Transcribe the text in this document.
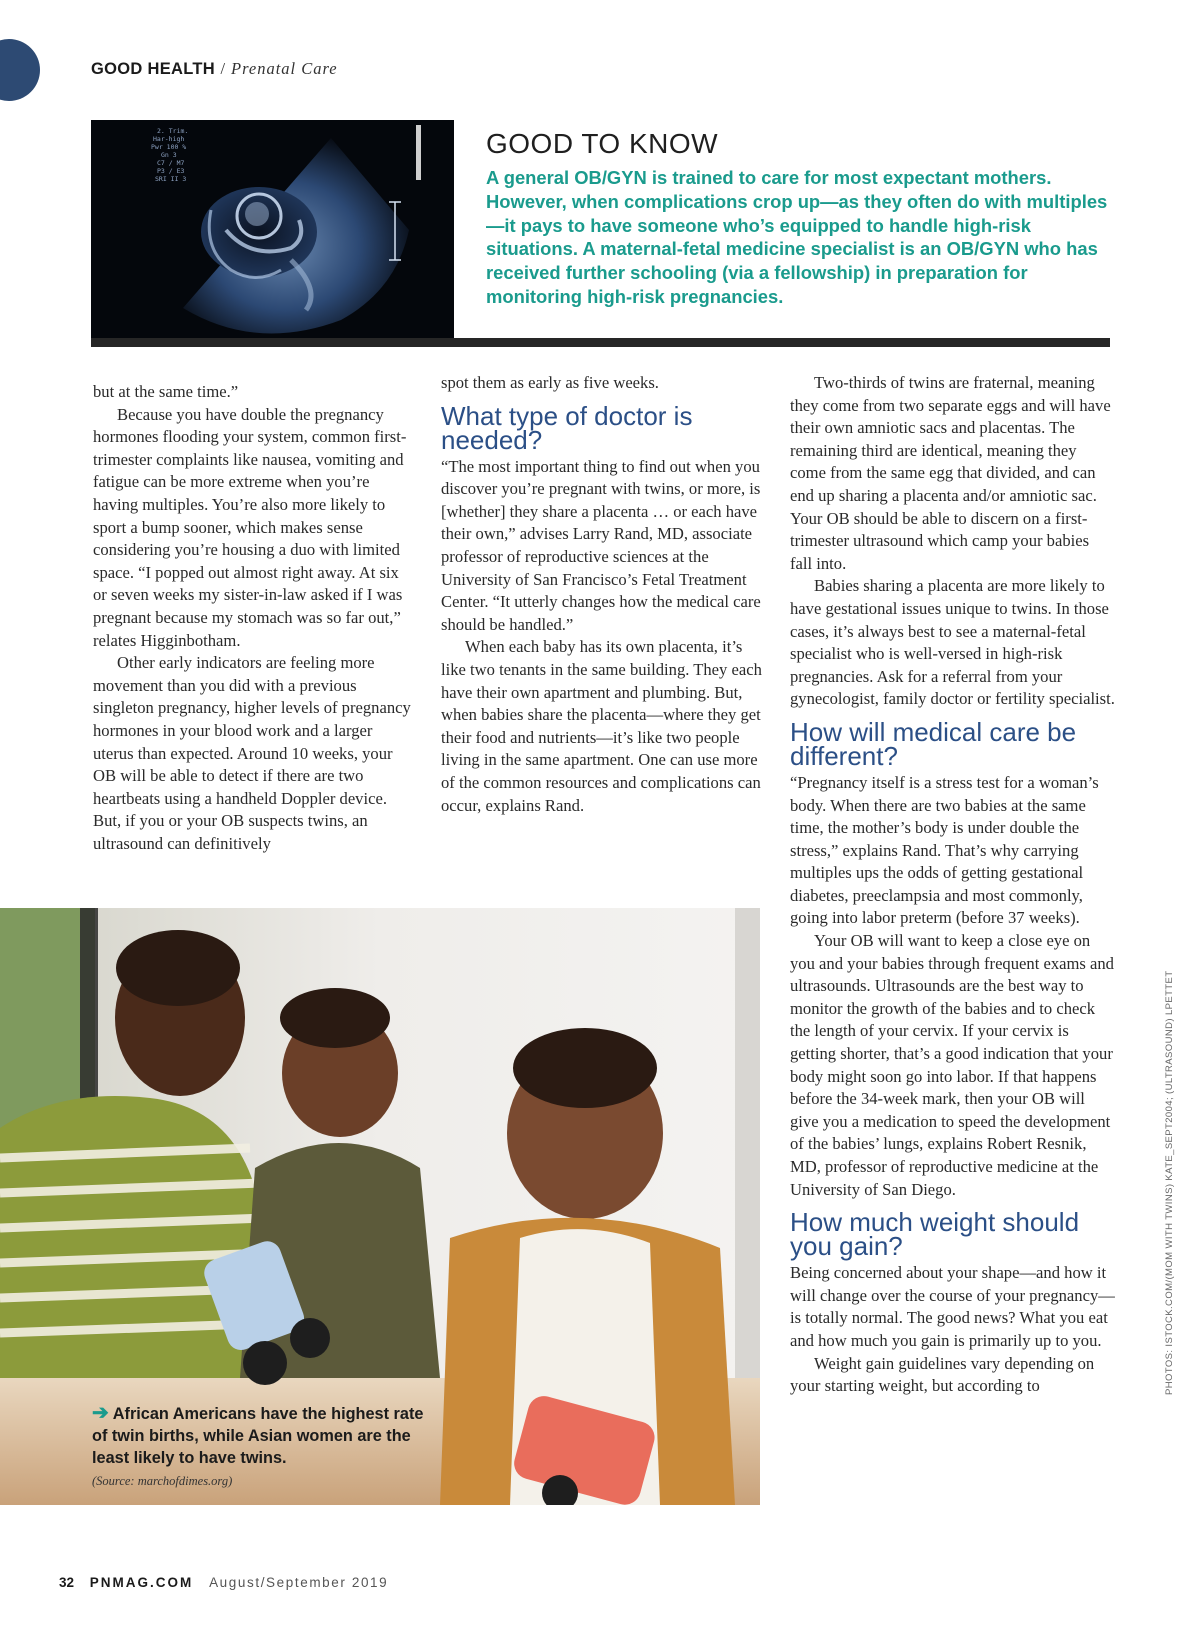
GOOD HEALTH / Prenatal Care
2. Trim.
Har-high
Pwr 100 %
Gn 3
C7 / M7
P3 / E3
SRI II 3
GOOD TO KNOW

A general OB/GYN is trained to care for most expectant mothers. However, when complications crop up—as they often do with multiples—it pays to have someone who’s equipped to handle high-risk situations. A maternal-fetal medicine specialist is an OB/GYN who has received further schooling (via a fellowship) in preparation for monitoring high-risk pregnancies.

but at the same time.”

Because you have double the pregnancy hormones flooding your system, common first-trimester complaints like nausea, vomiting and fatigue can be more extreme when you’re having multiples. You’re also more likely to sport a bump sooner, which makes sense considering you’re housing a duo with limited space. “I popped out almost right away. At six or seven weeks my sister-in-law asked if I was pregnant because my stomach was so far out,” relates Higginbotham.

Other early indicators are feeling more movement than you did with a previous singleton pregnancy, higher levels of pregnancy hormones in your blood work and a larger uterus than expected. Around 10 weeks, your OB will be able to detect if there are two heartbeats using a handheld Doppler device. But, if you or your OB suspects twins, an ultrasound can definitively

spot them as early as five weeks.

What type of doctor is needed?

“The most important thing to find out when you discover you’re pregnant with twins, or more, is [whether] they share a placenta … or each have their own,” advises Larry Rand, MD, associate professor of reproductive sciences at the University of San Francisco’s Fetal Treatment Center. “It utterly changes how the medical care should be handled.”

When each baby has its own placenta, it’s like two tenants in the same building. They each have their own apartment and plumbing. But, when babies share the placenta—where they get their food and nutrients—it’s like two people living in the same apartment. One can use more of the common resources and complications can occur, explains Rand.

Two-thirds of twins are fraternal, meaning they come from two separate eggs and will have their own amniotic sacs and placentas. The remaining third are identical, meaning they come from the same egg that divided, and can end up sharing a placenta and/or amniotic sac. Your OB should be able to discern on a first-trimester ultrasound which camp your babies fall into.

Babies sharing a placenta are more likely to have gestational issues unique to twins. In those cases, it’s always best to see a maternal-fetal specialist who is well-versed in high-risk pregnancies. Ask for a referral from your gynecologist, family doctor or fertility specialist.

How will medical care be different?

“Pregnancy itself is a stress test for a woman’s body. When there are two babies at the same time, the mother’s body is under double the stress,” explains Rand. That’s why carrying multiples ups the odds of getting gestational diabetes, preeclampsia and most commonly, going into labor preterm (before 37 weeks).

Your OB will want to keep a close eye on you and your babies through frequent exams and ultrasounds. Ultrasounds are the best way to monitor the growth of the babies and to check the length of your cervix. If your cervix is getting shorter, that’s a good indication that your body might soon go into labor. If that happens before the 34-week mark, then your OB will give you a medication to speed the development of the babies’ lungs, explains Robert Resnik, MD, professor of reproductive medicine at the University of San Diego.

How much weight should you gain?

Being concerned about your shape—and how it will change over the course of your pregnancy—is totally normal. The good news? What you eat and how much you gain is primarily up to you.

Weight gain guidelines vary depending on your starting weight, but according to

➔ African Americans have the highest rate of twin births, while Asian women are the least likely to have twins.
(Source: marchofdimes.org)
PHOTOS: ISTOCK.COM/(MOM WITH TWINS) KATE_SEPT2004; (ULTRASOUND) LPETTET
32 PNMAG.COM August/September 2019
